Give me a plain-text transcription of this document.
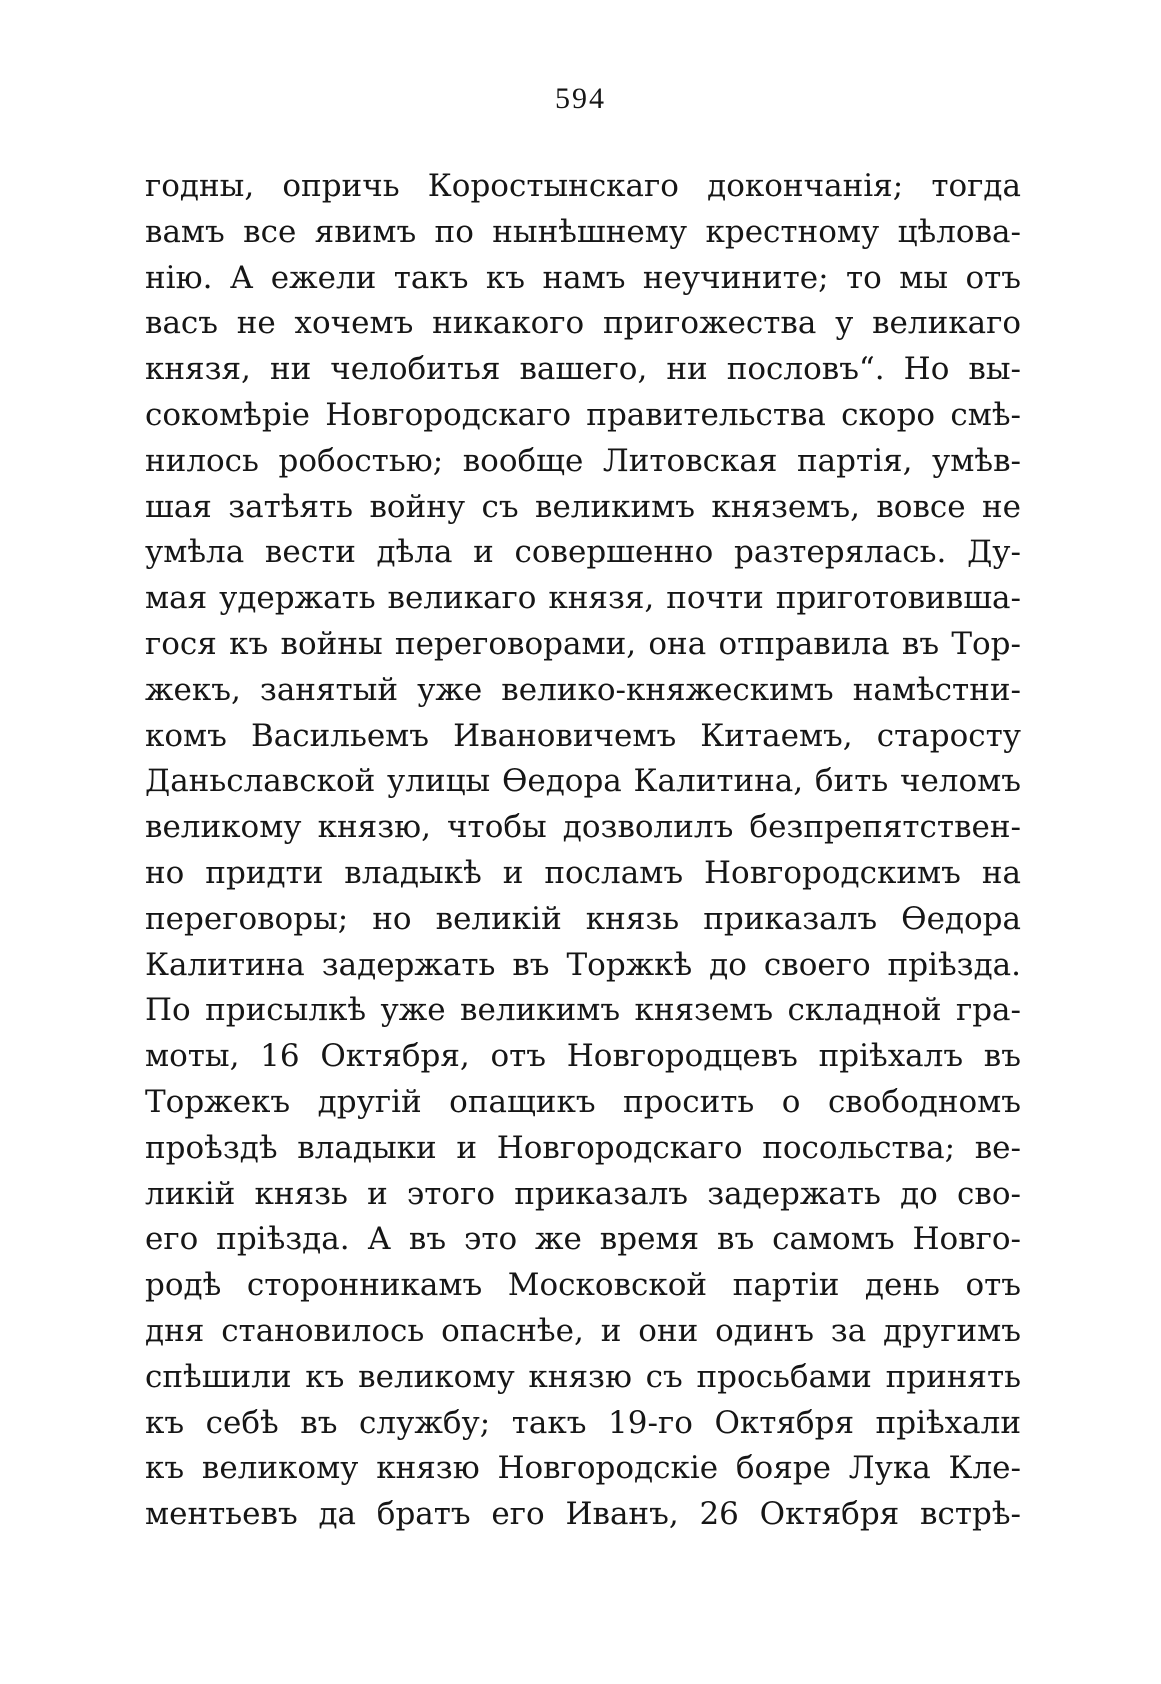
594
годны, опричь Коростынскаго докончанія; тогда
вамъ все явимъ по нынѣшнему крестному цѣлова-
нію. А ежели такъ къ намъ неучините; то мы отъ
васъ не хочемъ никакого пригожества у великаго
князя, ни челобитья вашего, ни пословъ“. Но вы-
сокомѣріе Новгородскаго правительства скоро смѣ-
нилось робостью; вообще Литовская партія, умѣв-
шая затѣять войну съ великимъ княземъ, вовсе не
умѣла вести дѣла и совершенно разтерялась. Ду-
мая удержать великаго князя, почти приготовивша-
гося къ войны переговорами, она отправила въ Тор-
жекъ, занятый уже велико-княжескимъ намѣстни-
комъ Васильемъ Ивановичемъ Китаемъ, старосту
Даньславской улицы Өедора Калитина, бить челомъ
великому князю, чтобы дозволилъ безпрепятствен-
но придти владыкѣ и посламъ Новгородскимъ на
переговоры; но великій князь приказалъ Өедора
Калитина задержать въ Торжкѣ до своего пріѣзда.
По присылкѣ уже великимъ княземъ складной гра-
моты, 16 Октября, отъ Новгородцевъ пріѣхалъ въ
Торжекъ другій опащикъ просить о свободномъ
проѣздѣ владыки и Новгородскаго посольства; ве-
ликій князь и этого приказалъ задержать до сво-
его пріѣзда. А въ это же время въ самомъ Новго-
родѣ сторонникамъ Московской партіи день отъ
дня становилось опаснѣе, и они одинъ за другимъ
спѣшили къ великому князю съ просьбами принять
къ себѣ въ службу; такъ 19-го Октября пріѣхали
къ великому князю Новгородскіе бояре Лука Кле-
ментьевъ да братъ его Иванъ, 26 Октября встрѣ-
